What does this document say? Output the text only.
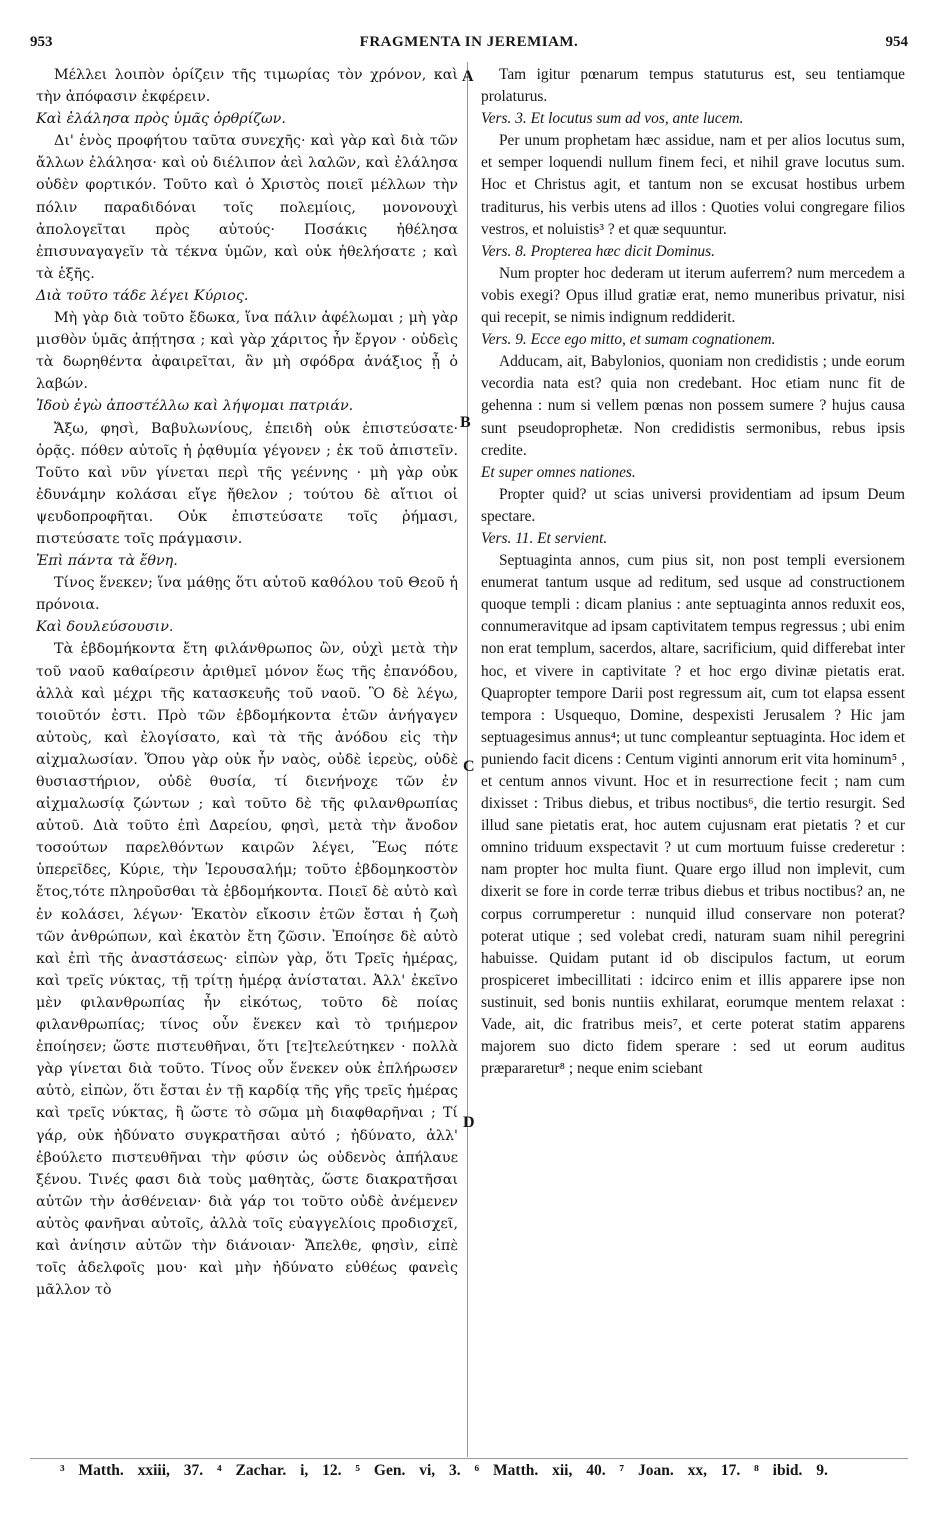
953	FRAGMENTA IN JEREMIAM.	954
A
B
C
D

Μέλλει λοιπὸν ὁρίζειν τῆς τιμωρίας τὸν χρόνον, καὶ τὴν ἀπόφασιν ἐκφέρειν.

Καὶ ἐλάλησα πρὸς ὑμᾶς ὀρθρίζων.

Δι' ἑνὸς προφήτου ταῦτα συνεχῆς· καὶ γὰρ καὶ διὰ τῶν ἄλλων ἐλάλησα· καὶ οὐ διέλιπον ἀεὶ λαλῶν, καὶ ἐλάλησα οὐδὲν φορτικόν. Τοῦτο καὶ ὁ Χριστὸς ποιεῖ μέλλων τὴν πόλιν παραδιδόναι τοῖς πολεμίοις, μονονουχὶ ἀπολογεῖται πρὸς αὐτούς· Ποσάκις ἠθέλησα ἐπισυναγαγεῖν τὰ τέκνα ὑμῶν, καὶ οὐκ ἠθελήσατε ; καὶ τὰ ἑξῆς.

Διὰ τοῦτο τάδε λέγει Κύριος.

Μὴ γὰρ διὰ τοῦτο ἔδωκα, ἵνα πάλιν ἀφέλωμαι ; μὴ γὰρ μισθὸν ὑμᾶς ἀπῄτησα ; καὶ γὰρ χάριτος ἦν ἔργον · οὐδεὶς τὰ δωρηθέντα ἀφαιρεῖται, ἂν μὴ σφόδρα ἀνάξιος ᾖ ὁ λαβών.

Ἰδοὺ ἐγὼ ἀποστέλλω καὶ λήψομαι πατριάν.

Ἄξω, φησὶ, Βαβυλωνίους, ἐπειδὴ οὐκ ἐπιστεύσατε· ὁρᾷς. πόθεν αὐτοῖς ἡ ῥᾳθυμία γέγονεν ; ἐκ τοῦ ἀπιστεῖν. Τοῦτο καὶ νῦν γίνεται περὶ τῆς γεέννης · μὴ γὰρ οὐκ ἐδυνάμην κολάσαι εἴγε ἤθελον ; τούτου δὲ αἴτιοι οἱ ψευδοπροφῆται. Οὐκ ἐπιστεύσατε τοῖς ῥήμασι, πιστεύσατε τοῖς πράγμασιν.

Ἐπὶ πάντα τὰ ἔθνη.

Τίνος ἕνεκεν; ἵνα μάθῃς ὅτι αὐτοῦ καθόλου τοῦ Θεοῦ ἡ πρόνοια.

Καὶ δουλεύσουσιν.

Τὰ ἑβδομήκοντα ἔτη φιλάνθρωπος ὢν, οὐχὶ μετὰ τὴν τοῦ ναοῦ καθαίρεσιν ἀριθμεῖ μόνον ἕως τῆς ἐπανόδου, ἀλλὰ καὶ μέχρι τῆς κατασκευῆς τοῦ ναοῦ. Ὃ δὲ λέγω, τοιοῦτόν ἐστι. Πρὸ τῶν ἑβδομήκοντα ἐτῶν ἀνήγαγεν αὐτοὺς, καὶ ἐλογίσατο, καὶ τὰ τῆς ἀνόδου εἰς τὴν αἰχμαλωσίαν. Ὅπου γὰρ οὐκ ἦν ναὸς, οὐδὲ ἱερεὺς, οὐδὲ θυσιαστήριον, οὐδὲ θυσία, τί διενήνοχε τῶν ἐν αἰχμαλωσίᾳ ζώντων ; καὶ τοῦτο δὲ τῆς φιλανθρωπίας αὐτοῦ. Διὰ τοῦτο ἐπὶ Δαρείου, φησὶ, μετὰ τὴν ἄνοδον τοσούτων παρελθόντων καιρῶν λέγει, Ἕως πότε ὑπερεῖδες, Κύριε, τὴν Ἱερουσαλήμ; τοῦτο ἑβδομηκοστὸν ἔτος,τότε πληροῦσθαι τὰ ἑβδομήκοντα. Ποιεῖ δὲ αὐτὸ καὶ ἐν κολάσει, λέγων· Ἑκατὸν εἴκοσιν ἐτῶν ἔσται ἡ ζωὴ τῶν ἀνθρώπων, καὶ ἑκατὸν ἔτη ζῶσιν. Ἐποίησε δὲ αὐτὸ καὶ ἐπὶ τῆς ἀναστάσεως· εἰπὼν γὰρ, ὅτι Τρεῖς ἡμέρας, καὶ τρεῖς νύκτας, τῇ τρίτῃ ἡμέρᾳ ἀνίσταται. Ἀλλ' ἐκεῖνο μὲν φιλανθρωπίας ἦν εἰκότως, τοῦτο δὲ ποίας φιλανθρωπίας; τίνος οὖν ἕνεκεν καὶ τὸ τριήμερον ἐποίησεν; ὥστε πιστευθῆναι, ὅτι [τε]τελεύτηκεν · πολλὰ γὰρ γίνεται διὰ τοῦτο. Τίνος οὖν ἕνεκεν οὐκ ἐπλήρωσεν αὐτὸ, εἰπὼν, ὅτι ἔσται ἐν τῇ καρδίᾳ τῆς γῆς τρεῖς ἡμέρας καὶ τρεῖς νύκτας, ἢ ὥστε τὸ σῶμα μὴ διαφθαρῆναι ; Τί γάρ, οὐκ ἠδύνατο συγκρατῆσαι αὐτό ; ἠδύνατο, ἀλλ' ἐβούλετο πιστευθῆναι τὴν φύσιν ὡς οὐδενὸς ἀπήλαυε ξένου. Τινές φασι διὰ τοὺς μαθητὰς, ὥστε διακρατῆσαι αὐτῶν τὴν ἀσθένειαν· διὰ γάρ τοι τοῦτο οὐδὲ ἀνέμενεν αὐτὸς φανῆναι αὐτοῖς, ἀλλὰ τοῖς εὐαγγελίοις προδισχεῖ, καὶ ἀνίησιν αὐτῶν τὴν διάνοιαν· Ἄπελθε, φησὶν, εἰπὲ τοῖς ἀδελφοῖς μου· καὶ μὴν ἠδύνατο εὐθέως φανεὶς μᾶλλον τὸ

Tam igitur pœnarum tempus statuturus est, seu tentiamque prolaturus.

Vers. 3. Et locutus sum ad vos, ante lucem.

Per unum prophetam hæc assidue, nam et per alios locutus sum, et semper loquendi nullum finem feci, et nihil grave locutus sum. Hoc et Christus agit, et tantum non se excusat hostibus urbem traditurus, his verbis utens ad illos : Quoties volui congregare filios vestros, et noluistis³ ? et quæ sequuntur.

Vers. 8. Propterea hæc dicit Dominus.

Num propter hoc dederam ut iterum auferrem? num mercedem a vobis exegi? Opus illud gratiæ erat, nemo muneribus privatur, nisi qui recepit, se nimis indignum reddiderit.

Vers. 9. Ecce ego mitto, et sumam cognationem.

Adducam, ait, Babylonios, quoniam non credidistis ; unde eorum vecordia nata est? quia non credebant. Hoc etiam nunc fit de gehenna : num si vellem pœnas non possem sumere ? hujus causa sunt pseudoprophetæ. Non credidistis sermonibus, rebus ipsis credite.

Et super omnes nationes.

Propter quid? ut scias universi providentiam ad ipsum Deum spectare.

Vers. 11. Et servient.

Septuaginta annos, cum pius sit, non post templi eversionem enumerat tantum usque ad reditum, sed usque ad constructionem quoque templi : dicam planius : ante septuaginta annos reduxit eos, connumeravitque ad ipsam captivitatem tempus regressus ; ubi enim non erat templum, sacerdos, altare, sacrificium, quid differebat inter hoc, et vivere in captivitate ? et hoc ergo divinæ pietatis erat. Quapropter tempore Darii post regressum ait, cum tot elapsa essent tempora : Usquequo, Domine, despexisti Jerusalem ? Hic jam septuagesimus annus⁴; ut tunc compleantur septuaginta. Hoc idem et puniendo facit dicens : Centum viginti annorum erit vita hominum⁵ , et centum annos vivunt. Hoc et in resurrectione fecit ; nam cum dixisset : Tribus diebus, et tribus noctibus⁶, die tertio resurgit. Sed illud sane pietatis erat, hoc autem cujusnam erat pietatis ? et cur omnino triduum exspectavit ? ut cum mortuum fuisse crederetur : nam propter hoc multa fiunt. Quare ergo illud non implevit, cum dixerit se fore in corde terræ tribus diebus et tribus noctibus? an, ne corpus corrumperetur : nunquid illud conservare non poterat? poterat utique ; sed volebat credi, naturam suam nihil peregrini habuisse. Quidam putant id ob discipulos factum, ut eorum prospiceret imbecillitati : idcirco enim et illis apparere ipse non sustinuit, sed bonis nuntiis exhilarat, eorumque mentem relaxat : Vade, ait, dic fratribus meis⁷, et certe poterat statim apparens majorem suo dicto fidem sperare : sed ut eorum auditus præpararetur⁸ ; neque enim sciebant

³ Matth. xxiii, 37. ⁴ Zachar. i, 12. ⁵ Gen. vi, 3. ⁶ Matth. xii, 40. ⁷ Joan. xx, 17. ⁸ ibid. 9.
